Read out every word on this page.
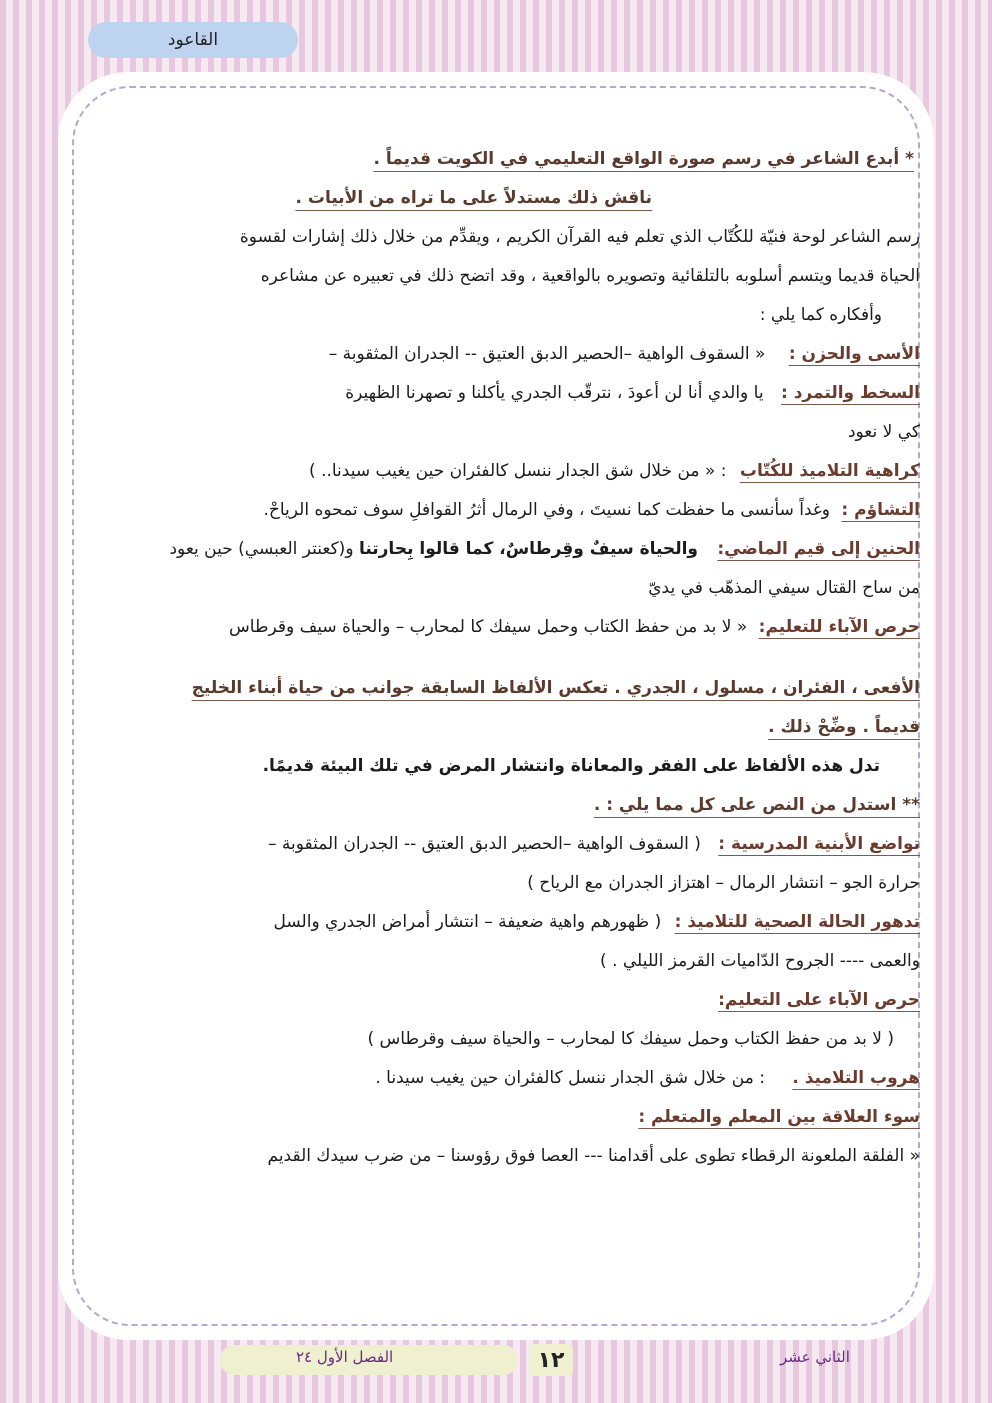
القاعود
* أبدع الشاعر في رسم صورة الواقع التعليمي في الكويت قديماً .
ناقش ذلك مستدلاً على ما تراه من الأبيات .
رسم الشاعر لوحة فنيّة للكُتّاب الذي تعلم فيه القرآن الكريم ، ويقدِّم من خلال ذلك إشارات لقسوة
الحياة قديما ويتسم أسلوبه بالتلقائية وتصويره بالواقعية ، وقد اتضح ذلك في تعبيره عن مشاعره
وأفكاره كما يلي :
الأسى والحزن : « السقوف الواهية –الحصير الدبق العتيق -- الجدران المثقوبة –
السخط والتمرد : يا والدي أنا لن أعودَ ، نترقّب الجدري يأكلنا و تصهرنا الظهيرة
كي لا نعود
كراهية التلاميذ للكُتّاب : « من خلال شق الجدار ننسل كالفئران حين يغيب سيدنا.. )
التشاؤم : وغداً سأنسى ما حفظت كما نسيتَ ، وفي الرمال أثرُ القوافلِ سوف تمحوه الرياحْ.
الحنين إلى قيم الماضي: والحياة سيفٌ وقِرطاسٌ، كما قالوا بِحارتنا و(كعنتر العبسي) حين يعود
من ساح القتال سيفي المذهّب في يديّ
حرص الآباء للتعليم: « لا بد من حفظ الكتاب وحمل سيفك كا لمحارب – والحياة سيف وقرطاس
الأفعى ، الفئران ، مسلول ، الجدري . تعكس الألفاظ السابقة جوانب من حياة أبناء الخليج
قديماً . وضِّحْ ذلك .
تدل هذه الألفاظ على الفقر والمعاناة وانتشار المرض في تلك البيئة قديمًا.
** استدل من النص على كل مما يلي : .
تواضع الأبنية المدرسية : ( السقوف الواهية –الحصير الدبق العتيق -- الجدران المثقوبة –
حرارة الجو – انتشار الرمال – اهتزاز الجدران مع الرياح )
تدهور الحالة الصحية للتلاميذ : ( ظهورهم واهية ضعيفة – انتشار أمراض الجدري والسل
والعمى ---- الجروح الدّاميات القرمز الليلي . )
حرص الآباء على التعليم:
( لا بد من حفظ الكتاب وحمل سيفك كا لمحارب – والحياة سيف وقرطاس )
هروب التلاميذ . : من خلال شق الجدار ننسل كالفئران حين يغيب سيدنا .
سوء العلاقة بين المعلم والمتعلم :
« الفلقة الملعونة الرقطاء تطوى على أقدامنا --- العصا فوق رؤوسنا – من ضرب سيدك القديم
الفصل الأول ٢٤	١٢	الثاني عشر
